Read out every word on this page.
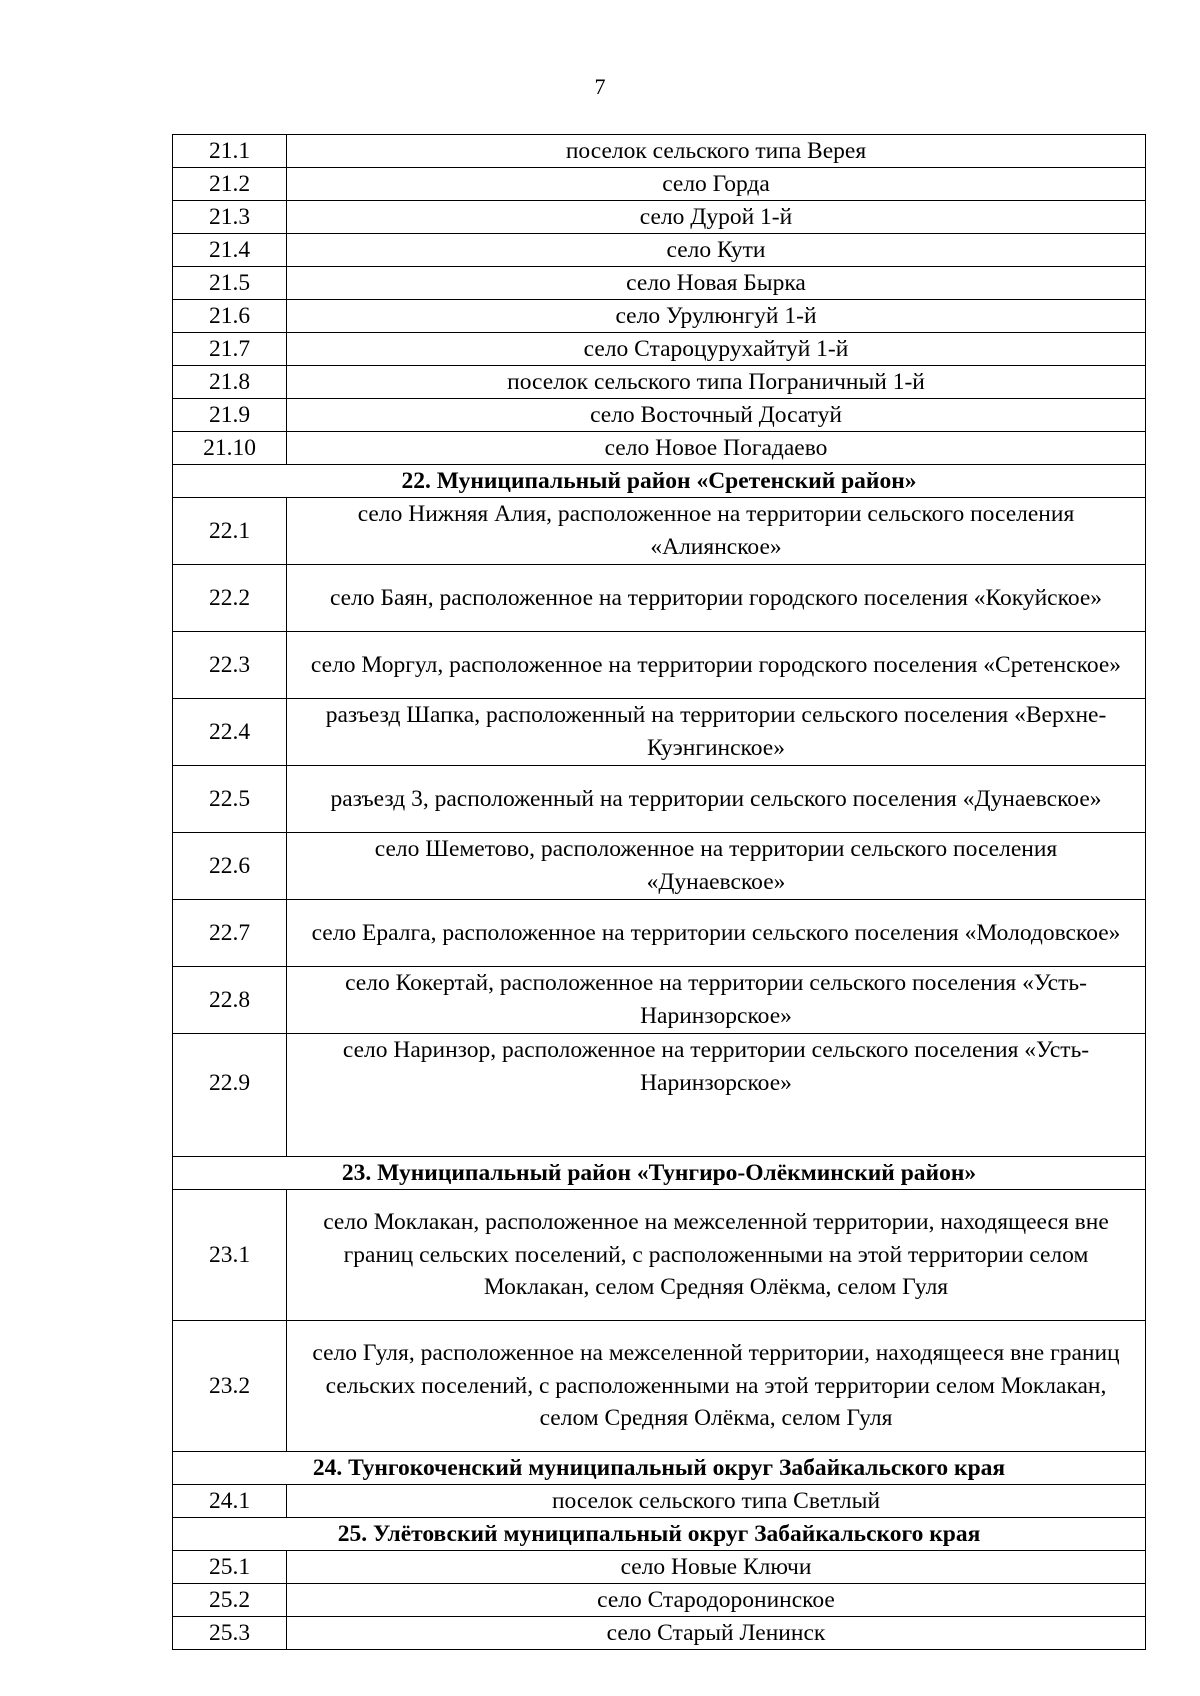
7
21.1	поселок сельского типа Верея
21.2	село Горда
21.3	село Дурой 1-й
21.4	село Кути
21.5	село Новая Бырка
21.6	село Урулюнгуй 1-й
21.7	село Староцурухайтуй 1-й
21.8	поселок сельского типа Пограничный 1-й
21.9	село Восточный Досатуй
21.10	село Новое Погадаево
22. Муниципальный район «Сретенский район»	
22.1	село Нижняя Алия, расположенное на территории сельского поселения «Алиянское»
22.2	село Баян, расположенное на территории городского поселения «Кокуйское»
22.3	село Моргул, расположенное на территории городского поселения «Сретенское»
22.4	разъезд Шапка, расположенный на территории сельского поселения «Верхне-Куэнгинское»
22.5	разъезд 3, расположенный на территории сельского поселения «Дунаевское»
22.6	село Шеметово, расположенное на территории сельского поселения «Дунаевское»
22.7	село Ералга, расположенное на территории сельского поселения «Молодовское»
22.8	село Кокертай, расположенное на территории сельского поселения «Усть-Наринзорское»
22.9	село Наринзор, расположенное на территории сельского поселения «Усть-Наринзорское»
23. Муниципальный район «Тунгиро-Олёкминский район»	
23.1	село Моклакан, расположенное на межселенной территории, находящееся вне границ сельских поселений, с расположенными на этой территории селом Моклакан, селом Средняя Олёкма, селом Гуля
23.2	село Гуля, расположенное на межселенной территории, находящееся вне границ сельских поселений, с расположенными на этой территории селом Моклакан, селом Средняя Олёкма, селом Гуля
24. Тунгокоченский муниципальный округ Забайкальского края	
24.1	поселок сельского типа Светлый
25. Улётовский муниципальный округ Забайкальского края	
25.1	село Новые Ключи
25.2	село Стародоронинское
25.3	село Старый Ленинск
